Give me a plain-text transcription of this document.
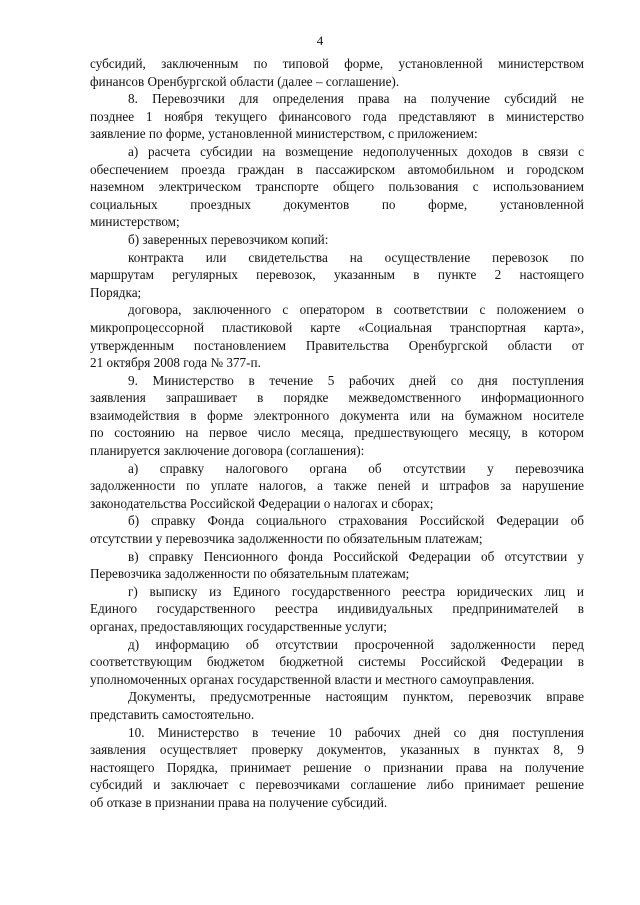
4
субсидий, заключенным по типовой форме, установленной министерством
финансов Оренбургской области (далее – соглашение).
8. Перевозчики для определения права на получение субсидий не
позднее 1 ноября текущего финансового года представляют в министерство
заявление по форме, установленной министерством, с приложением:
а) расчета субсидии на возмещение недополученных доходов в связи с
обеспечением проезда граждан в пассажирском автомобильном и городском
наземном электрическом транспорте общего пользования с использованием
социальных проездных документов по форме, установленной
министерством;
б) заверенных перевозчиком копий:
контракта или свидетельства на осуществление перевозок по
маршрутам регулярных перевозок, указанным в пункте 2 настоящего
Порядка;
договора, заключенного с оператором в соответствии с положением о
микропроцессорной пластиковой карте «Социальная транспортная карта»,
утвержденным постановлением Правительства Оренбургской области от
21 октября 2008 года № 377-п.
9. Министерство в течение 5 рабочих дней со дня поступления
заявления запрашивает в порядке межведомственного информационного
взаимодействия в форме электронного документа или на бумажном носителе
по состоянию на первое число месяца, предшествующего месяцу, в котором
планируется заключение договора (соглашения):
а) справку налогового органа об отсутствии у перевозчика
задолженности по уплате налогов, а также пеней и штрафов за нарушение
законодательства Российской Федерации о налогах и сборах;
б) справку Фонда социального страхования Российской Федерации об
отсутствии у перевозчика задолженности по обязательным платежам;
в) справку Пенсионного фонда Российской Федерации об отсутствии у
Перевозчика задолженности по обязательным платежам;
г) выписку из Единого государственного реестра юридических лиц и
Единого государственного реестра индивидуальных предпринимателей в
органах, предоставляющих государственные услуги;
д) информацию об отсутствии просроченной задолженности перед
соответствующим бюджетом бюджетной системы Российской Федерации в
уполномоченных органах государственной власти и местного самоуправления.
Документы, предусмотренные настоящим пунктом, перевозчик вправе
представить самостоятельно.
10. Министерство в течение 10 рабочих дней со дня поступления
заявления осуществляет проверку документов, указанных в пунктах 8, 9
настоящего Порядка, принимает решение о признании права на получение
субсидий и заключает с перевозчиками соглашение либо принимает решение
об отказе в признании права на получение субсидий.
